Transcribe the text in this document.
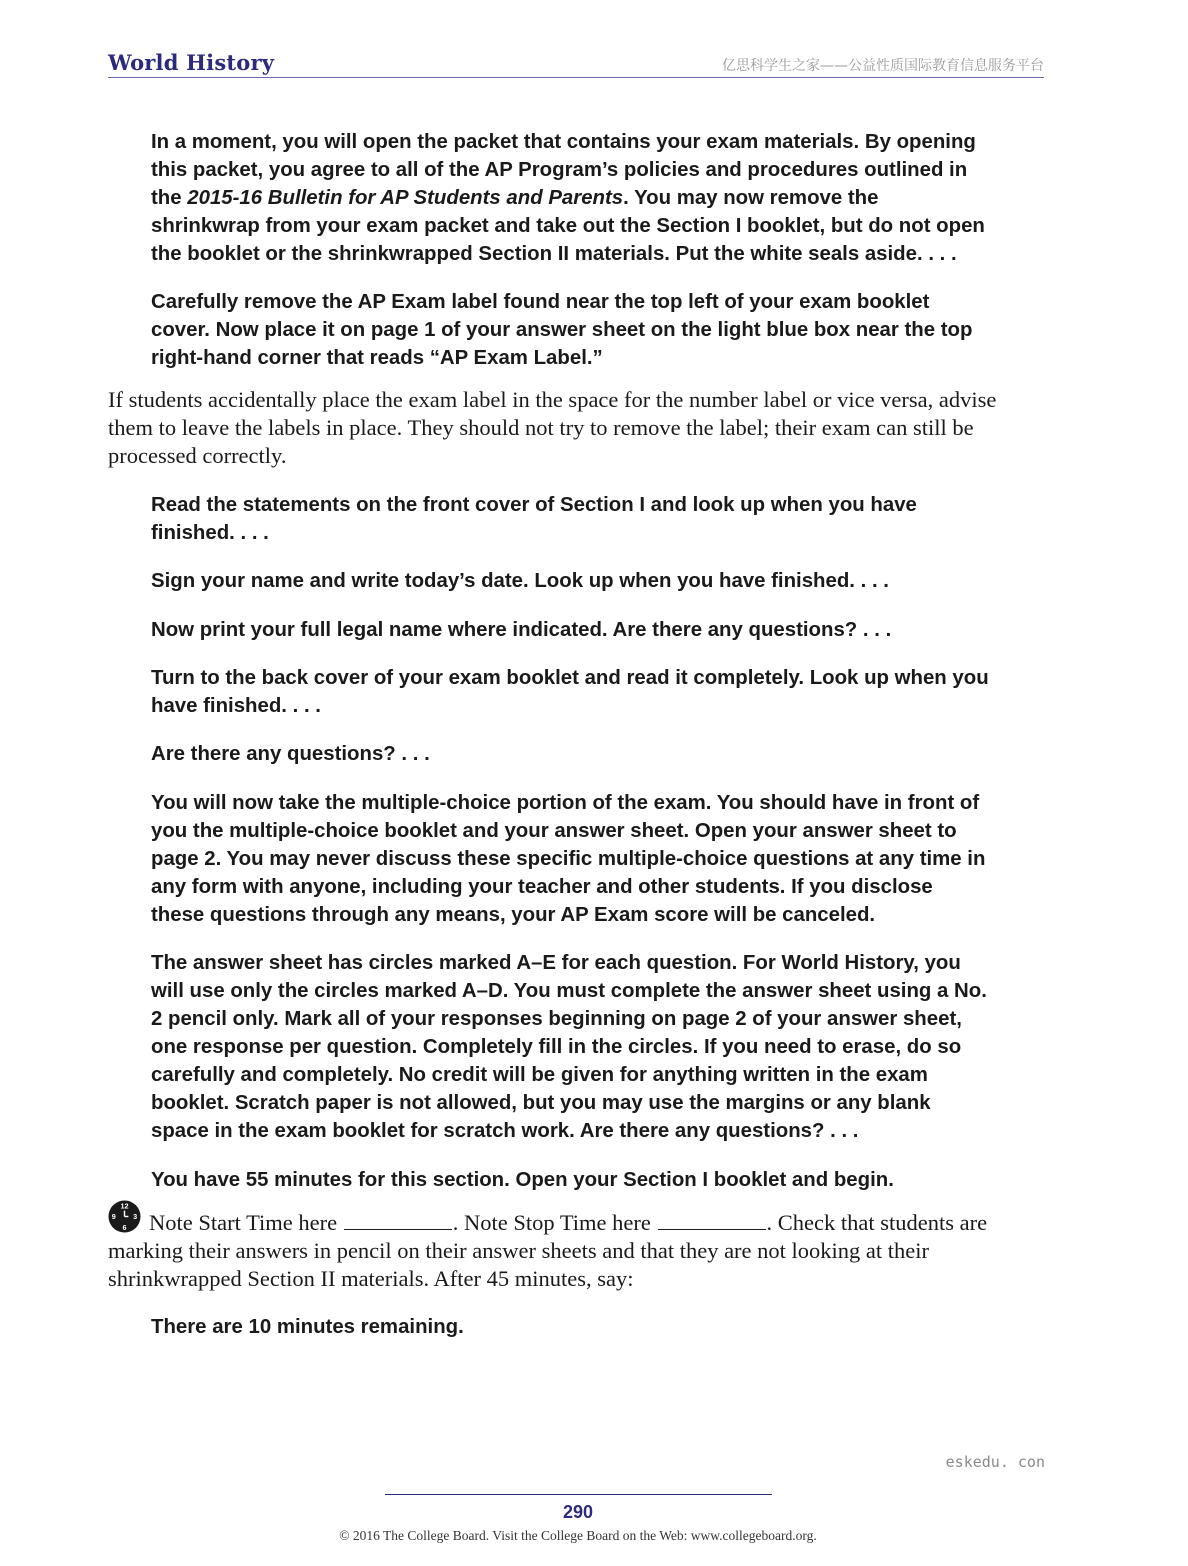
World History	亿思科学生之家——公益性质国际教育信息服务平台

In a moment, you will open the packet that contains your exam materials. By opening this packet, you agree to all of the AP Program’s policies and procedures outlined in the 2015-16 Bulletin for AP Students and Parents. You may now remove the shrinkwrap from your exam packet and take out the Section I booklet, but do not open the booklet or the shrinkwrapped Section II materials. Put the white seals aside. . . .

Carefully remove the AP Exam label found near the top left of your exam booklet cover. Now place it on page 1 of your answer sheet on the light blue box near the top right-hand corner that reads “AP Exam Label.”

If students accidentally place the exam label in the space for the number label or vice versa, advise them to leave the labels in place. They should not try to remove the label; their exam can still be processed correctly.

Read the statements on the front cover of Section I and look up when you have finished. . . .

Sign your name and write today’s date. Look up when you have finished. . . .

Now print your full legal name where indicated. Are there any questions? . . .

Turn to the back cover of your exam booklet and read it completely. Look up when you have finished. . . .

Are there any questions? . . .

You will now take the multiple-choice portion of the exam. You should have in front of you the multiple-choice booklet and your answer sheet. Open your answer sheet to page 2. You may never discuss these specific multiple-choice questions at any time in any form with anyone, including your teacher and other students. If you disclose these questions through any means, your AP Exam score will be canceled.

The answer sheet has circles marked A–E for each question. For World History, you will use only the circles marked A–D. You must complete the answer sheet using a No. 2 pencil only. Mark all of your responses beginning on page 2 of your answer sheet, one response per question. Completely fill in the circles. If you need to erase, do so carefully and completely. No credit will be given for anything written in the exam booklet. Scratch paper is not allowed, but you may use the margins or any blank space in the exam booklet for scratch work. Are there any questions? . . .

You have 55 minutes for this section. Open your Section I booklet and begin.

12
3
6
9 Note Start Time here	. Note Stop Time here	. Check that students are marking their answers in pencil on their answer sheets and that they are not looking at their shrinkwrapped Section II materials. After 45 minutes, say:

There are 10 minutes remaining.

eskedu. con
290
© 2016 The College Board. Visit the College Board on the Web: www.collegeboard.org.
